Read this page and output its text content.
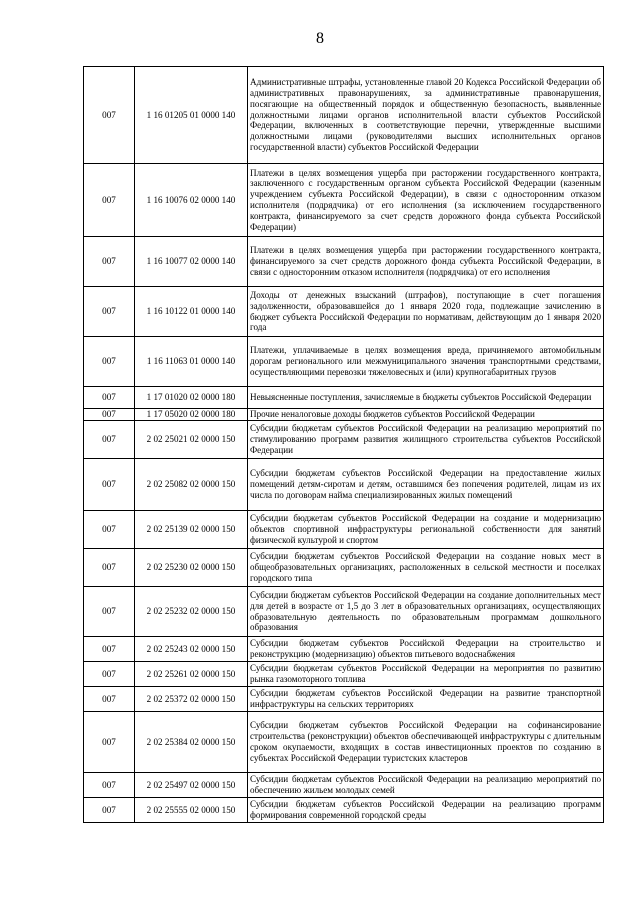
8
007	1 16 01205 01 0000 140	Административные штрафы, установленные главой 20 Кодекса Российской Федерации об административных правонарушениях, за административные правонарушения, посягающие на общественный порядок и общественную безопасность, выявленные должностными лицами органов исполнительной власти субъектов Российской Федерации, включенных в соответствующие перечни, утвержденные высшими должностными лицами (руководителями высших исполнительных органов государственной власти) субъектов Российской Федерации
007	1 16 10076 02 0000 140	Платежи в целях возмещения ущерба при расторжении государственного контракта, заключенного с государственным органом субъекта Российской Федерации (казенным учреждением субъекта Российской Федерации), в связи с односторонним отказом исполнителя (подрядчика) от его исполнения (за исключением государственного контракта, финансируемого за счет средств дорожного фонда субъекта Российской Федерации)
007	1 16 10077 02 0000 140	Платежи в целях возмещения ущерба при расторжении государственного контракта, финансируемого за счет средств дорожного фонда субъекта Российской Федерации, в связи с односторонним отказом исполнителя (подрядчика) от его исполнения
007	1 16 10122 01 0000 140	Доходы от денежных взысканий (штрафов), поступающие в счет погашения задолженности, образовавшейся до 1 января 2020 года, подлежащие зачислению в бюджет субъекта Российской Федерации по нормативам, действующим до 1 января 2020 года
007	1 16 11063 01 0000 140	Платежи, уплачиваемые в целях возмещения вреда, причиняемого автомобильным дорогам регионального или межмуниципального значения транспортными средствами, осуществляющими перевозки тяжеловесных и (или) крупногабаритных грузов
007	1 17 01020 02 0000 180	Невыясненные поступления, зачисляемые в бюджеты субъектов Российской Федерации
007	1 17 05020 02 0000 180	Прочие неналоговые доходы бюджетов субъектов Российской Федерации
007	2 02 25021 02 0000 150	Субсидии бюджетам субъектов Российской Федерации на реализацию мероприятий по стимулированию программ развития жилищного строительства субъектов Российской Федерации
007	2 02 25082 02 0000 150	Субсидии бюджетам субъектов Российской Федерации на предоставление жилых помещений детям-сиротам и детям, оставшимся без попечения родителей, лицам из их числа по договорам найма специализированных жилых помещений
007	2 02 25139 02 0000 150	Субсидии бюджетам субъектов Российской Федерации на создание и модернизацию объектов спортивной инфраструктуры региональной собственности для занятий физической культурой и спортом
007	2 02 25230 02 0000 150	Субсидии бюджетам субъектов Российской Федерации на создание новых мест в общеобразовательных организациях, расположенных в сельской местности и поселках городского типа
007	2 02 25232 02 0000 150	Субсидии бюджетам субъектов Российской Федерации на создание дополнительных мест для детей в возрасте от 1,5 до 3 лет в образовательных организациях, осуществляющих образовательную деятельность по образовательным программам дошкольного образования
007	2 02 25243 02 0000 150	Субсидии бюджетам субъектов Российской Федерации на строительство и реконструкцию (модернизацию) объектов питьевого водоснабжения
007	2 02 25261 02 0000 150	Субсидии бюджетам субъектов Российской Федерации на мероприятия по развитию рынка газомоторного топлива
007	2 02 25372 02 0000 150	Субсидии бюджетам субъектов Российской Федерации на развитие транспортной инфраструктуры на сельских территориях
007	2 02 25384 02 0000 150	Субсидии бюджетам субъектов Российской Федерации на софинансирование строительства (реконструкции) объектов обеспечивающей инфраструктуры с длительным сроком окупаемости, входящих в состав инвестиционных проектов по созданию в субъектах Российской Федерации туристских кластеров
007	2 02 25497 02 0000 150	Субсидии бюджетам субъектов Российской Федерации на реализацию мероприятий по обеспечению жильем молодых семей
007	2 02 25555 02 0000 150	Субсидии бюджетам субъектов Российской Федерации на реализацию программ формирования современной городской среды
